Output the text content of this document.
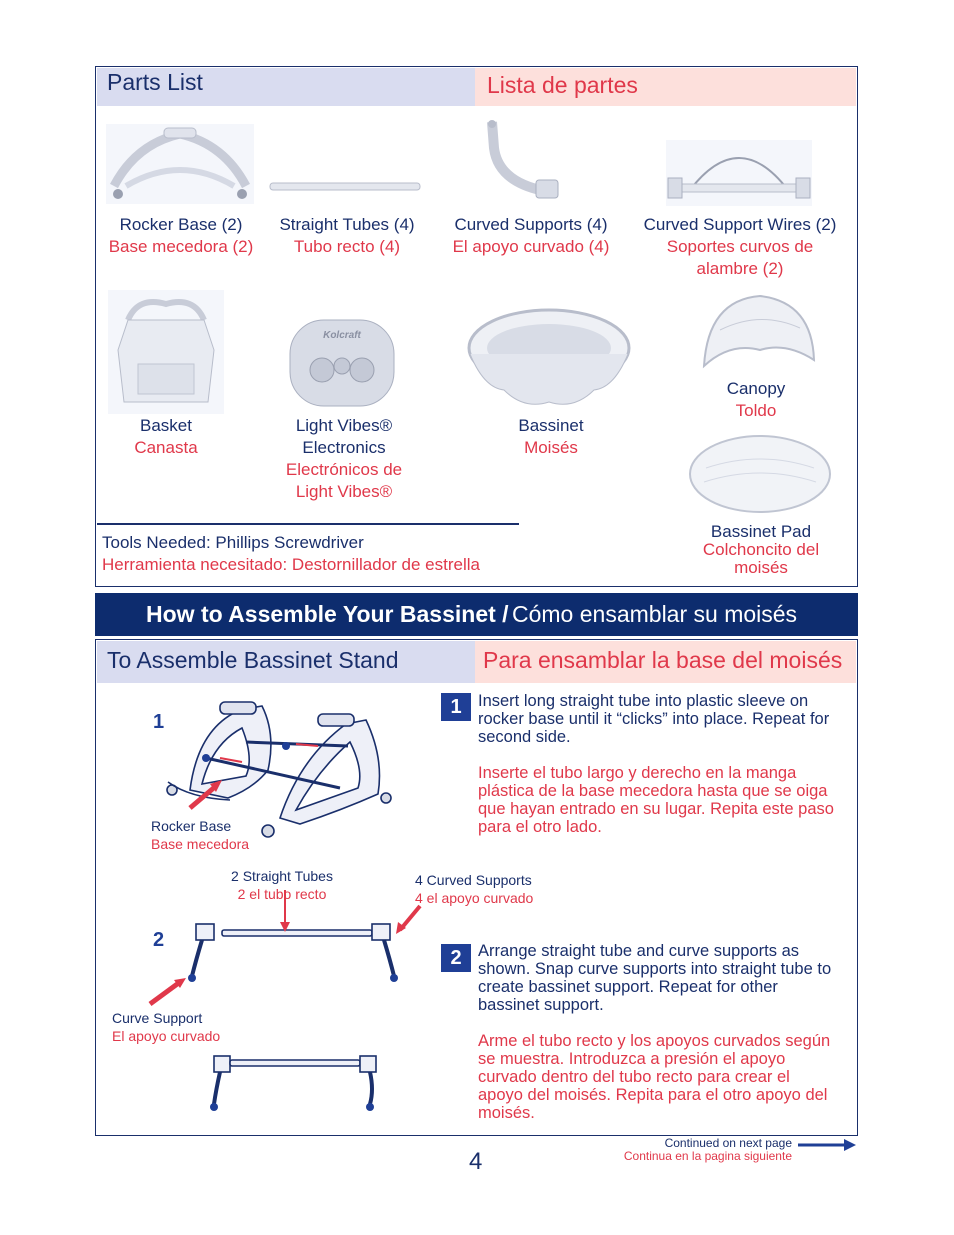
Parts List	Lista de partes
Rocker Base (2)
Base mecedora (2)
Straight Tubes (4)
Tubo recto (4)
Curved Supports (4)
El apoyo curvado (4)
Curved Support Wires (2)
Soportes curvos de alambre (2)
Kolcraft
Basket
Canasta
Light Vibes® Electronics
Electrónicos de Light Vibes®
Bassinet
Moisés
Canopy
Toldo
Bassinet Pad
Colchoncito del moisés
Tools Needed: Phillips Screwdriver
Herramienta necesitado: Destornillador de estrella
How to Assemble Your Bassinet / Cómo ensamblar su moisés
To Assemble Bassinet Stand	Para ensamblar la base del moisés
1
Rocker Base
Base mecedora
2 Straight Tubes
2 el tubo recto
4 Curved Supports
4 el apoyo curvado
2
Curve Support
El apoyo curvado
1 Insert long straight tube into plastic sleeve on rocker base until it “clicks” into place. Repeat for second side.
Inserte el tubo largo y derecho en la manga plástica de la base mecedora hasta que se oiga que hayan entrado en su lugar. Repita este paso para el otro lado.
2 Arrange straight tube and curve supports as shown. Snap curve supports into straight tube to create bassinet support. Repeat for other bassinet support.
Arme el tubo recto y los apoyos curvados según se muestra. Introduzca a presión el apoyo curvado dentro del tubo recto para crear el apoyo del moisés. Repita para el otro apoyo del moisés.
Continued on next page
Continua en la pagina siguiente
4
